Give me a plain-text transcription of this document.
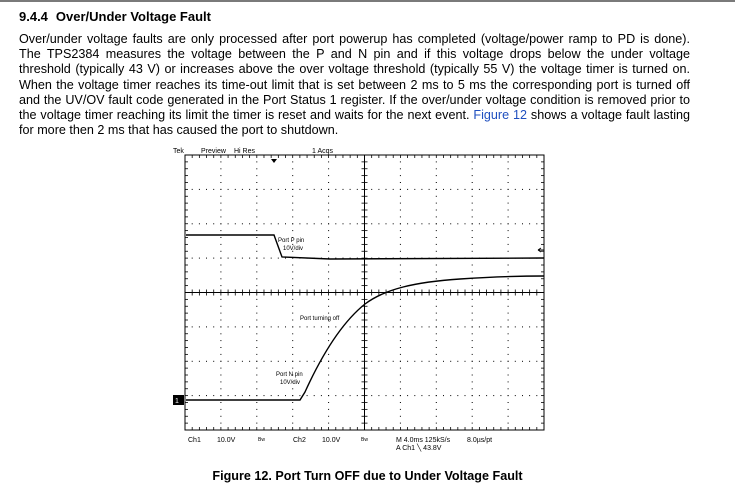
9.4.4 Over/Under Voltage Fault
Over/under voltage faults are only processed after port powerup has completed (voltage/power ramp to PD is done). The TPS2384 measures the voltage between the P and N pin and if this voltage drops below the under voltage threshold (typically 43 V) or increases above the over voltage threshold (typically 55 V) the voltage timer is turned on. When the voltage timer reaches its time-out limit that is set between 2 ms to 5 ms the corresponding port is turned off and the UV/OV fault code generated in the Port Status 1 register. If the over/under voltage condition is removed prior to the voltage timer reaching its limit the timer is reset and waits for the next event. Figure 12 shows a voltage fault lasting for more then 2 ms that has caused the port to shutdown.
Tek Preview Hi Res	1 Acqs
Port P pin
10V/div
Port turning off
Port N pin
10V/div
1
Ch1 10.0V	Bw	Ch2 10.0V	Bw	M 4.0ms 125kS/s 8.0µs/pt
A Ch1 ╲ 43.8V
Figure 12. Port Turn OFF due to Under Voltage Fault
